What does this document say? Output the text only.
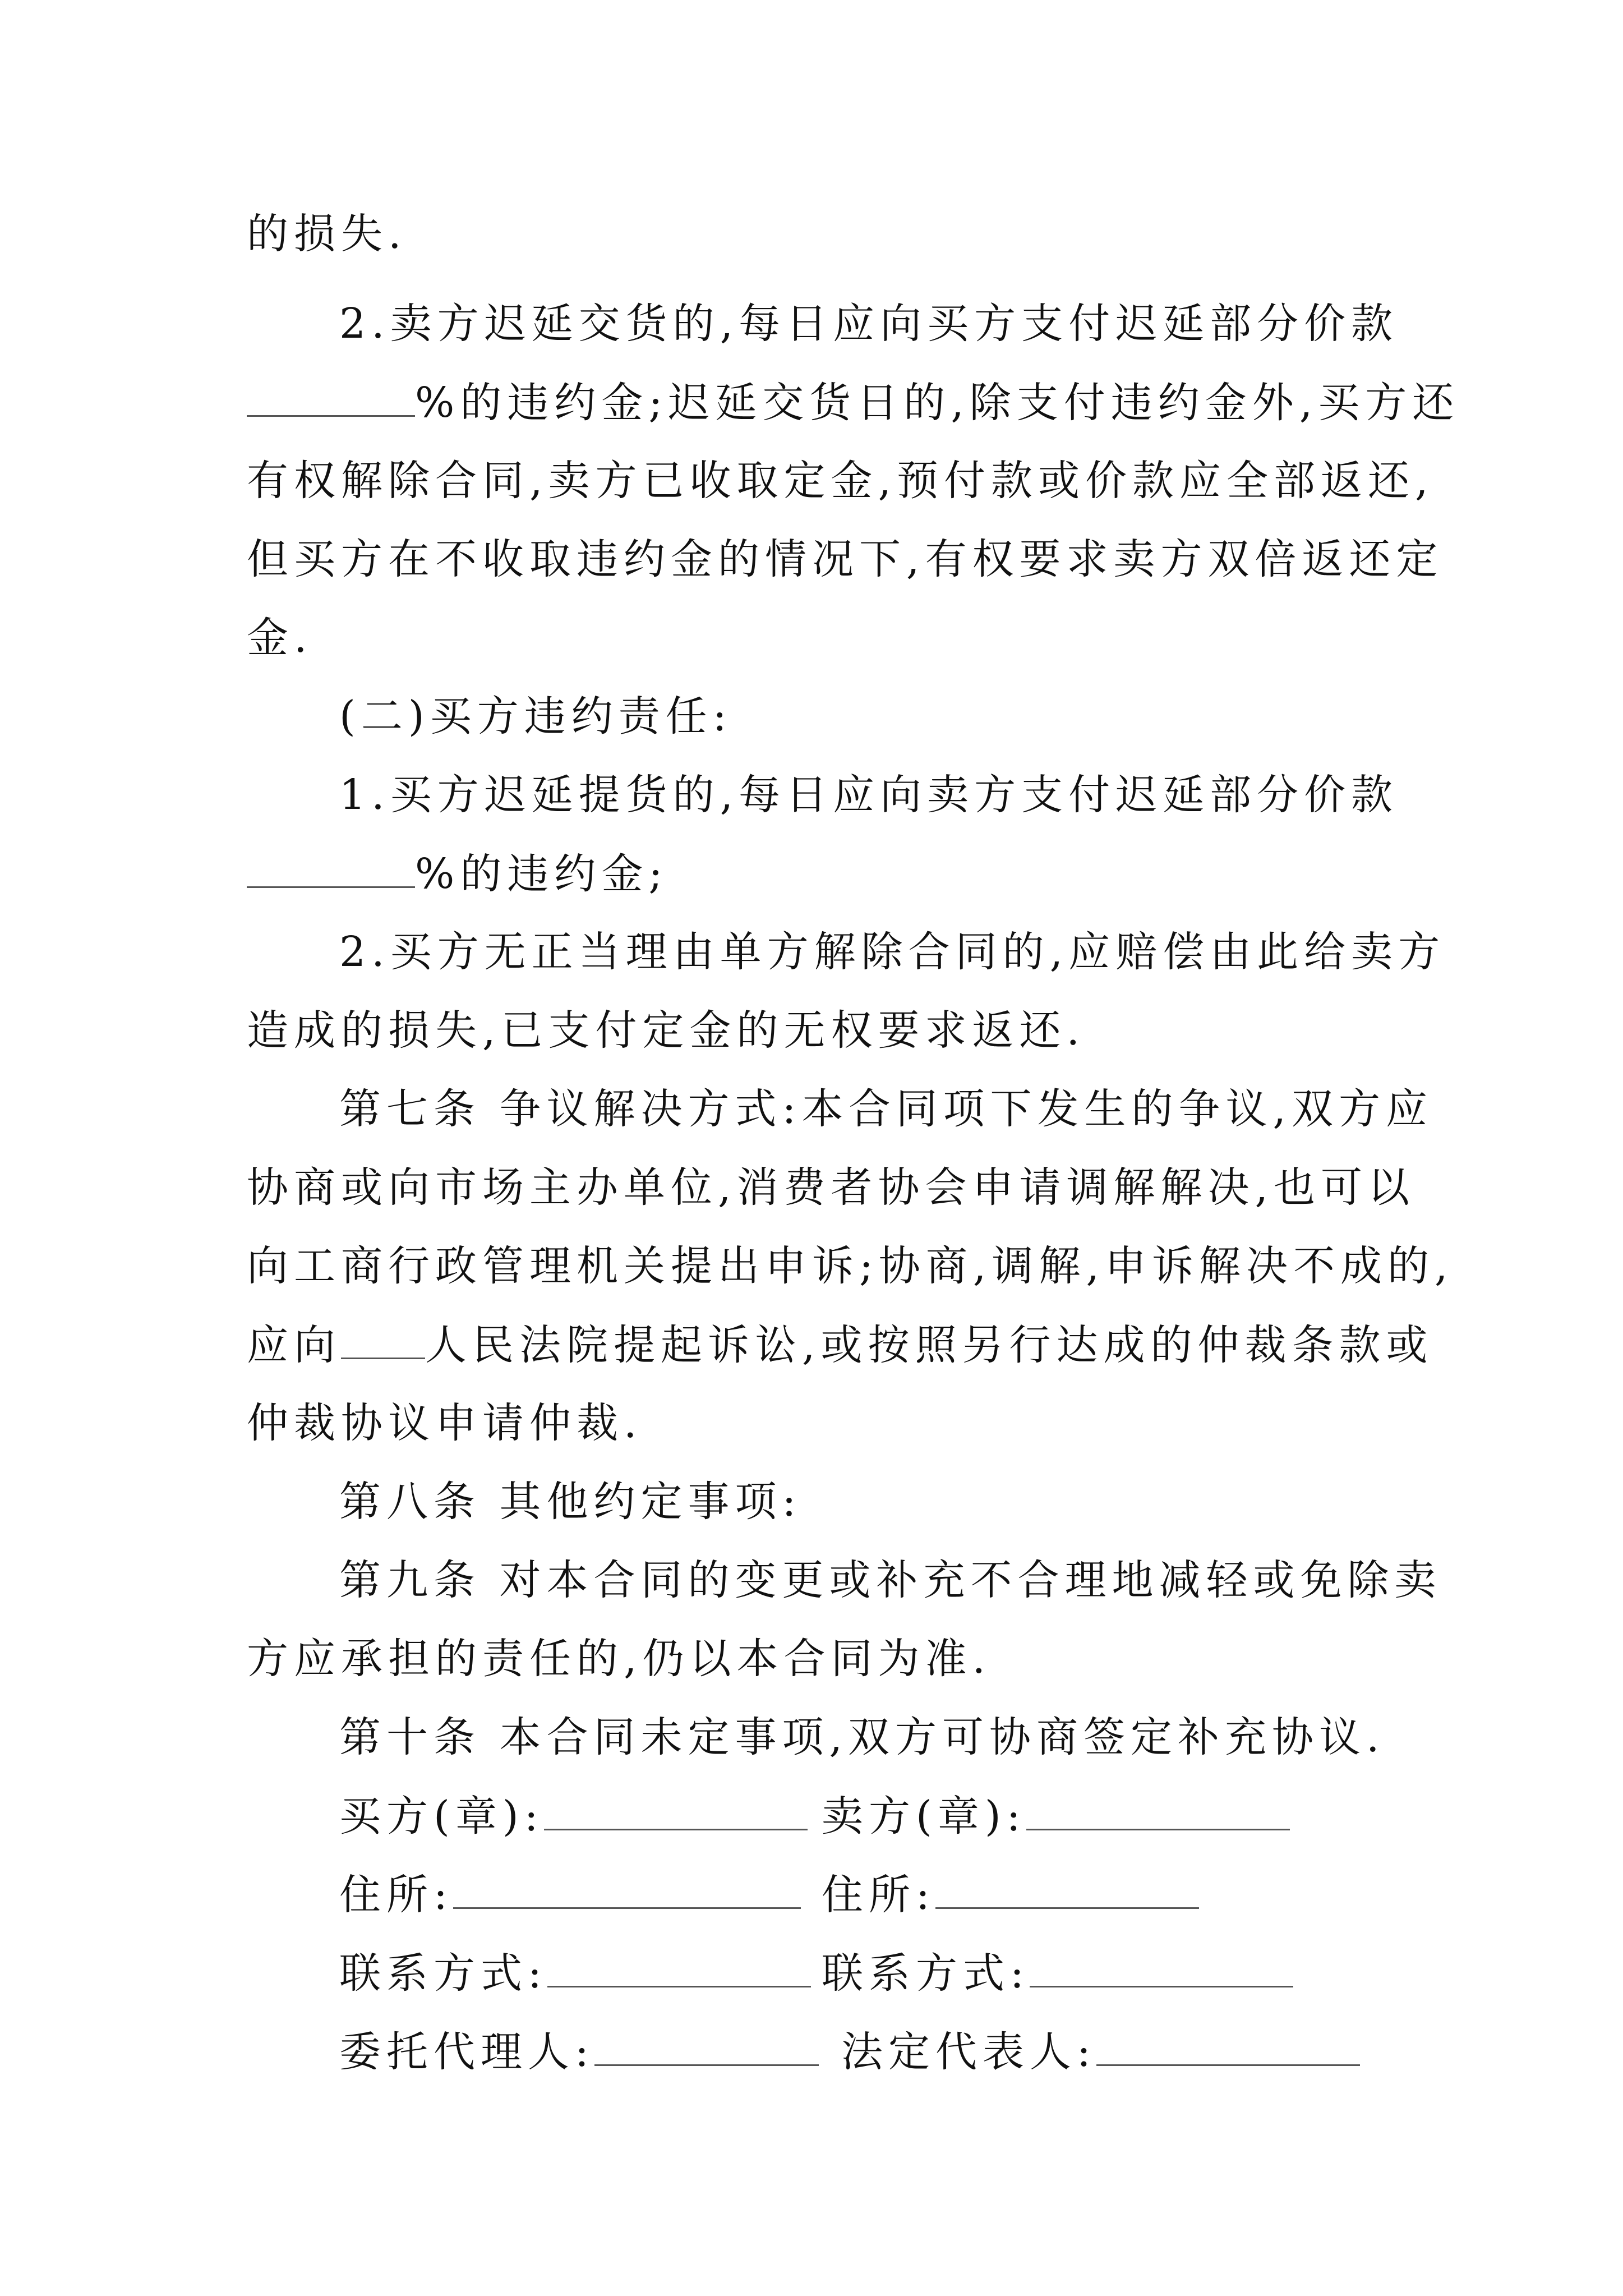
的损失.
2.卖方迟延交货的,每日应向买方支付迟延部分价款
%的违约金;迟延交货日的,除支付违约金外,买方还
有权解除合同,卖方已收取定金,预付款或价款应全部返还,
但买方在不收取违约金的情况下,有权要求卖方双倍返还定
金.
(二)买方违约责任:
1.买方迟延提货的,每日应向卖方支付迟延部分价款
%的违约金;
2.买方无正当理由单方解除合同的,应赔偿由此给卖方
造成的损失,已支付定金的无权要求返还.
第七条 争议解决方式:本合同项下发生的争议,双方应
协商或向市场主办单位,消费者协会申请调解解决,也可以
向工商行政管理机关提出申诉;协商,调解,申诉解决不成的,
应向 人民法院提起诉讼,或按照另行达成的仲裁条款或
仲裁协议申请仲裁.
第八条 其他约定事项:
第九条 对本合同的变更或补充不合理地减轻或免除卖
方应承担的责任的,仍以本合同为准.
第十条 本合同未定事项,双方可协商签定补充协议.
买方(章):	卖方(章):
住所:	住所:
联系方式:	联系方式:
委托代理人:	法定代表人:
